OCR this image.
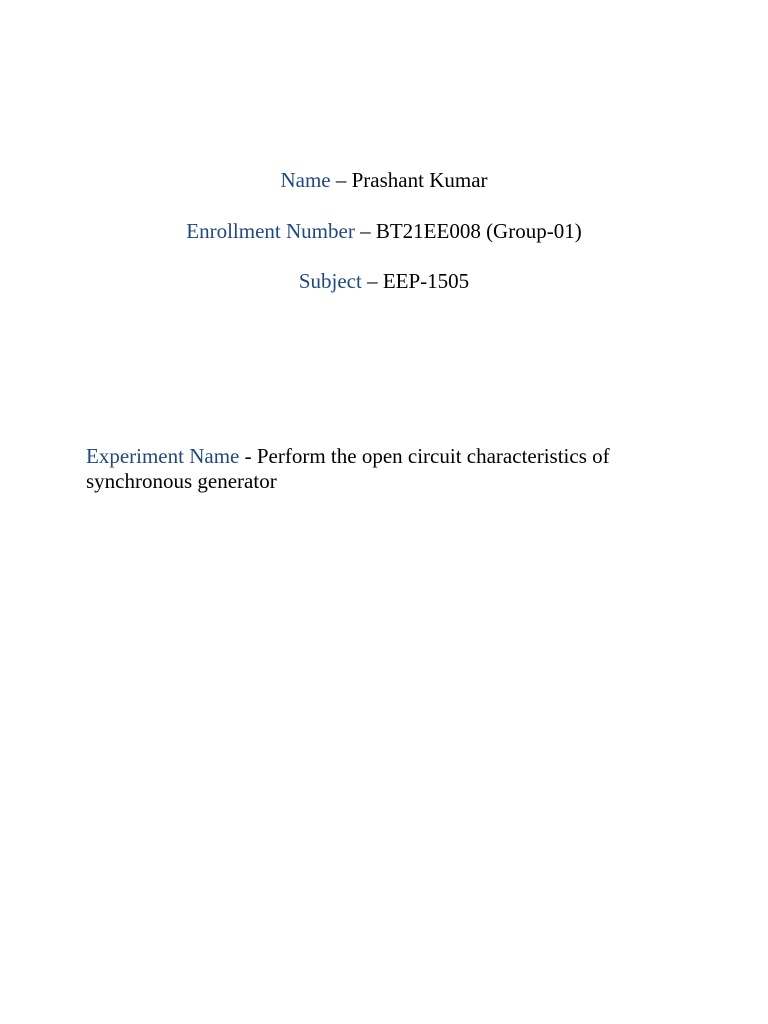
Name – Prashant Kumar
Enrollment Number – BT21EE008 (Group-01)
Subject – EEP-1505
Experiment Name - Perform the open circuit characteristics of synchronous generator
